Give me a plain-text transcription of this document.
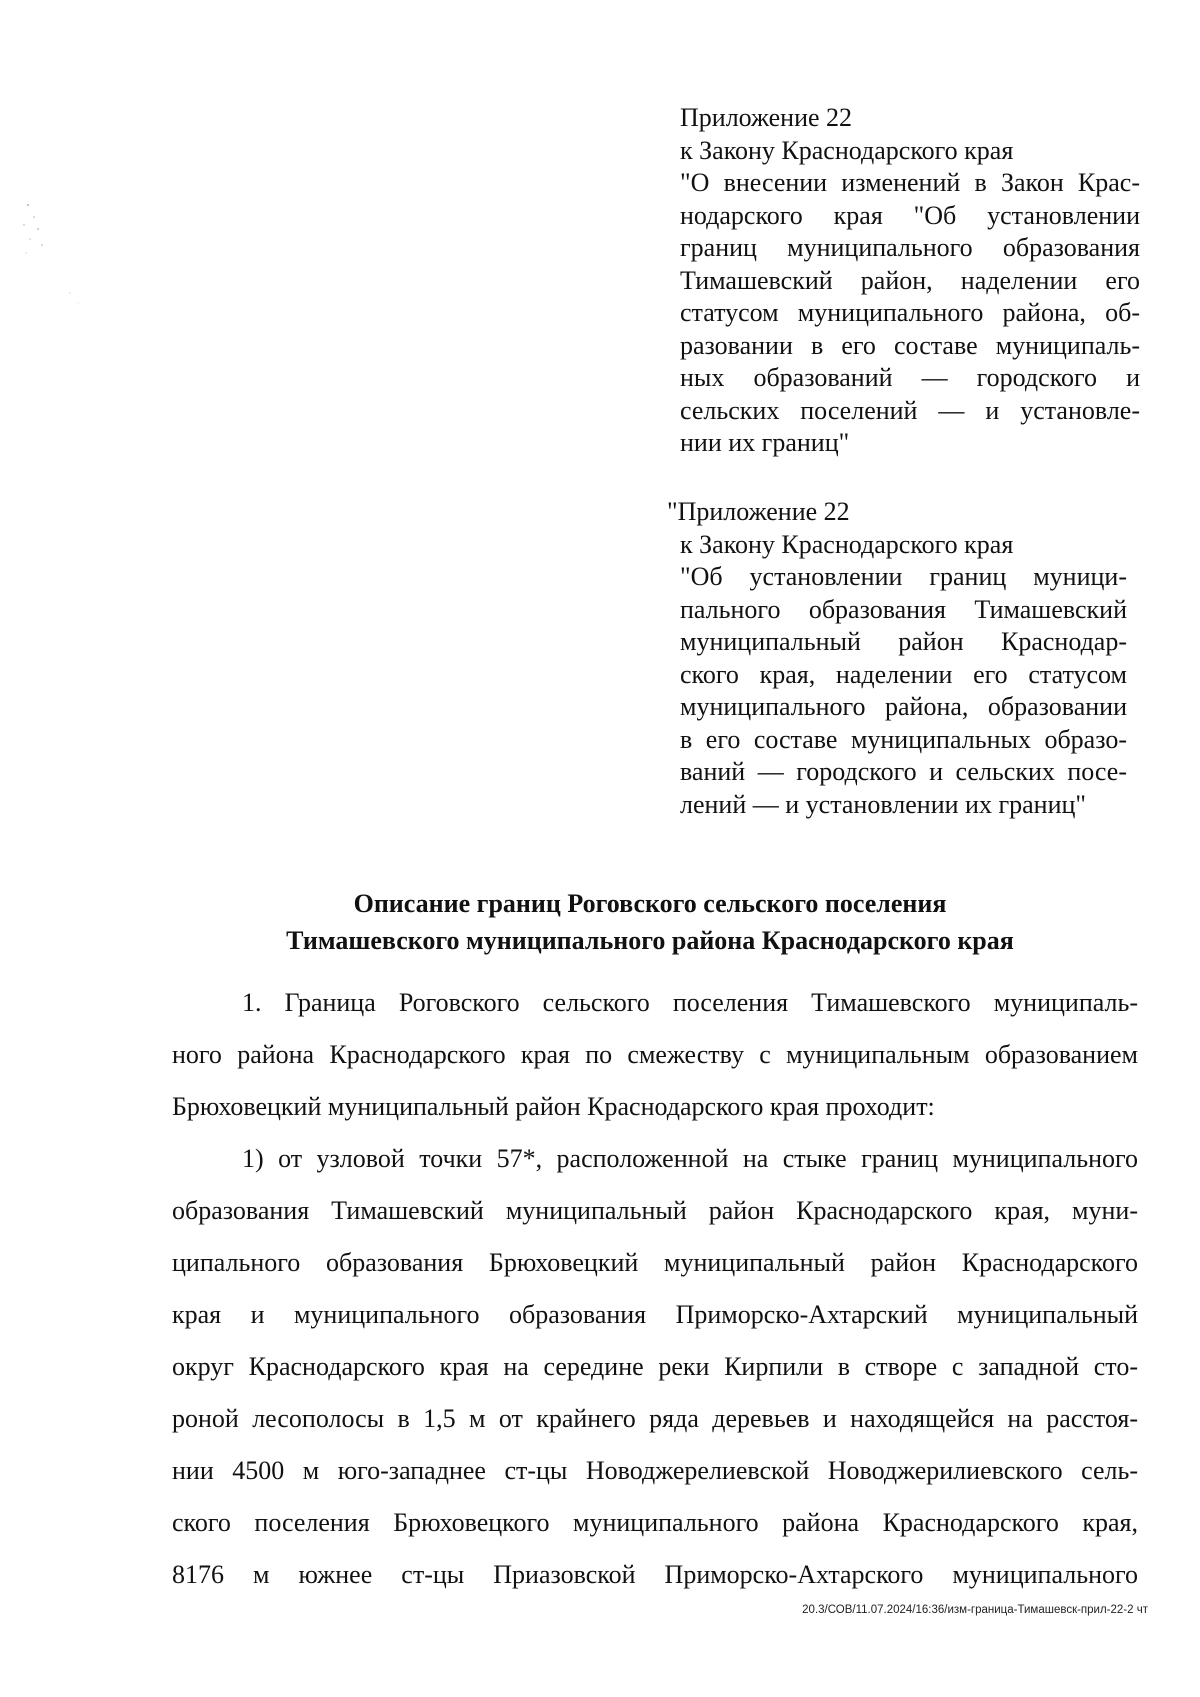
Приложение 22
к Закону Краснодарского края
"О внесении изменений в Закон Крас-
нодарского края "Об установлении
границ муниципального образования
Тимашевский район, наделении его
статусом муниципального района, об-
разовании в его составе муниципаль-
ных образований — городского и
сельских поселений — и установле-
нии их границ"
"Приложение 22
к Закону Краснодарского края
"Об установлении границ муници-
пального образования Тимашевский
муниципальный район Краснодар-
ского края, наделении его статусом
муниципального района, образовании
в его составе муниципальных образо-
ваний — городского и сельских посе-
лений — и установлении их границ"
Описание границ Роговского сельского поселения
Тимашевского муниципального района Краснодарского края
1. Граница Роговского сельского поселения Тимашевского муниципаль-
ного района Краснодарского края по смежеству с муниципальным образованием
Брюховецкий муниципальный район Краснодарского края проходит:
1) от узловой точки 57*, расположенной на стыке границ муниципального
образования Тимашевский муниципальный район Краснодарского края, муни-
ципального образования Брюховецкий муниципальный район Краснодарского
края и муниципального образования Приморско-Ахтарский муниципальный
округ Краснодарского края на середине реки Кирпили в створе с западной сто-
роной лесополосы в 1,5 м от крайнего ряда деревьев и находящейся на расстоя-
нии 4500 м юго-западнее ст-цы Новоджерелиевской Новоджерилиевского сель-
ского поселения Брюховецкого муниципального района Краснодарского края,
8176 м южнее ст-цы Приазовской Приморско-Ахтарского муниципального
20.3/СОВ/11.07.2024/16:36/изм-граница-Тимашевск-прил-22-2 чт
